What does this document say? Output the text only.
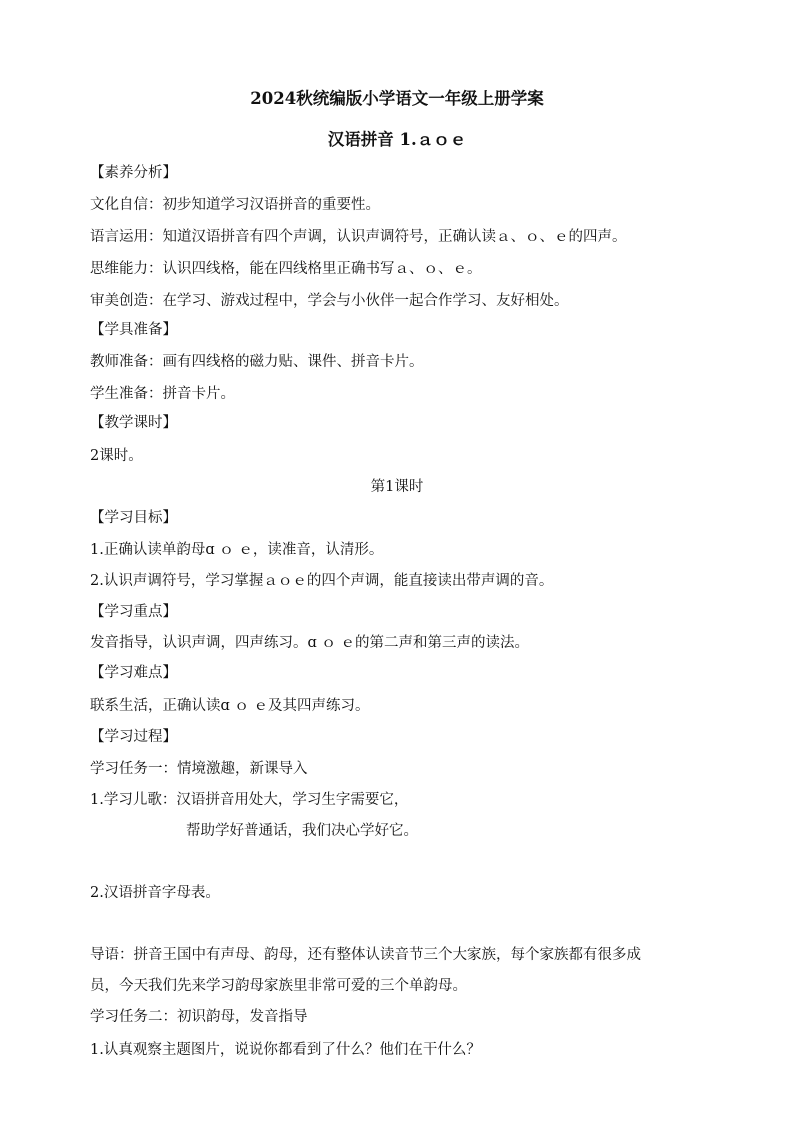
2024秋统编版小学语文一年级上册学案
汉语拼音 1.ａｏｅ
【素养分析】
文化自信：初步知道学习汉语拼音的重要性。
语言运用：知道汉语拼音有四个声调，认识声调符号，正确认读ａ、ｏ、ｅ的四声。
思维能力：认识四线格，能在四线格里正确书写ａ、ｏ、ｅ。
审美创造：在学习、游戏过程中，学会与小伙伴一起合作学习、友好相处。
【学具准备】
教师准备：画有四线格的磁力贴、课件、拼音卡片。
学生准备：拼音卡片。
【教学课时】
2课时。
第1课时
【学习目标】
1.正确认读单韵母ɑ ｏ ｅ，读准音，认清形。
2.认识声调符号，学习掌握ａｏｅ的四个声调，能直接读出带声调的音。
【学习重点】
发音指导，认识声调，四声练习。ɑ ｏ ｅ的第二声和第三声的读法。
【学习难点】
联系生活，正确认读ɑ ｏ ｅ及其四声练习。
【学习过程】
学习任务一：情境激趣，新课导入
1.学习儿歌：汉语拼音用处大，学习生字需要它，
帮助学好普通话，我们决心学好它。
2.汉语拼音字母表。
导语：拼音王国中有声母、韵母，还有整体认读音节三个大家族，每个家族都有很多成
员，今天我们先来学习韵母家族里非常可爱的三个单韵母。
学习任务二：初识韵母，发音指导
1.认真观察主题图片，说说你都看到了什么？他们在干什么？
